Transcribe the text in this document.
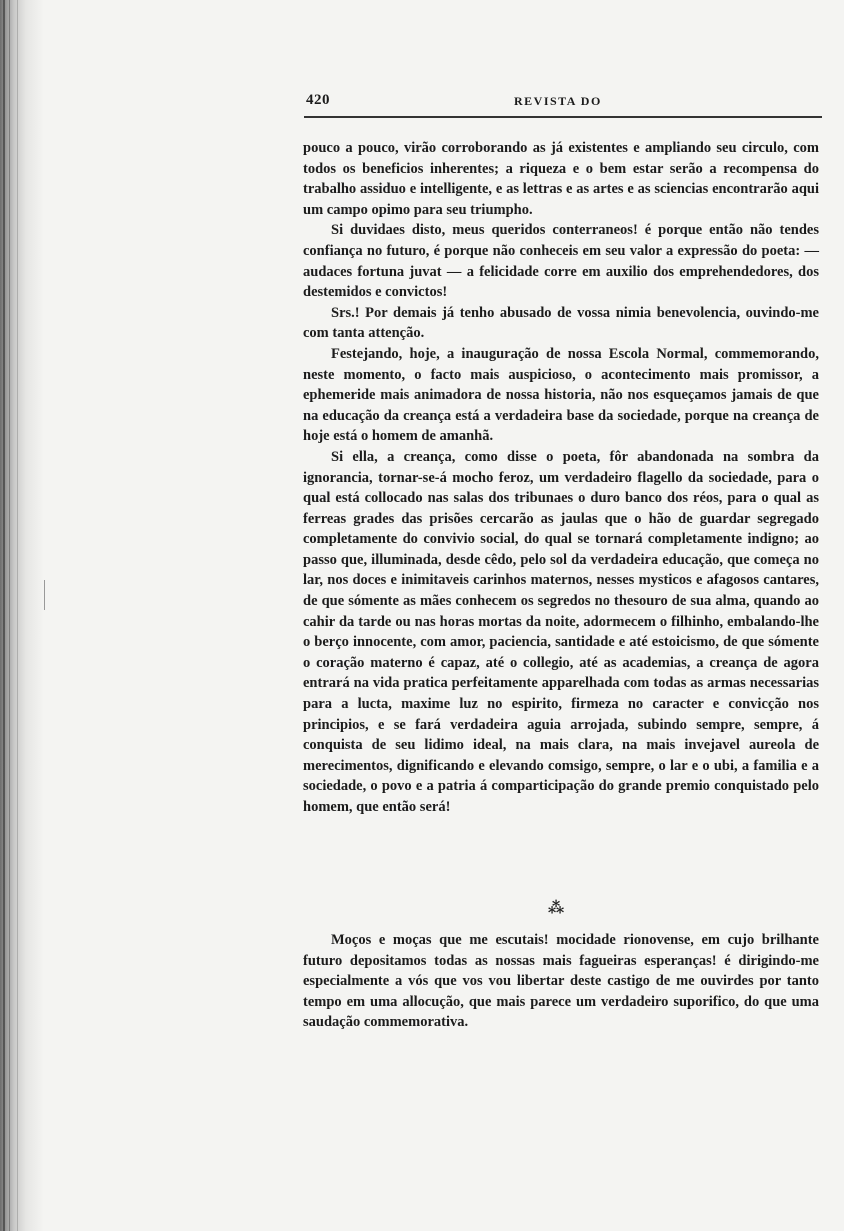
420	REVISTA DO

pouco a pouco, virão corroborando as já existentes e ampliando seu circulo, com todos os beneficios inherentes; a riqueza e o bem estar serão a recompensa do trabalho assiduo e intelligente, e as lettras e as artes e as sciencias encontrarão aqui um campo opimo para seu triumpho.

Si duvidaes disto, meus queridos conterraneos! é porque então não tendes confiança no futuro, é porque não conheceis em seu valor a expressão do poeta: — audaces fortuna juvat — a felicidade corre em auxilio dos emprehendedores, dos destemidos e convictos!

Srs.! Por demais já tenho abusado de vossa nimia benevolencia, ouvindo-me com tanta attenção.

Festejando, hoje, a inauguração de nossa Escola Normal, commemorando, neste momento, o facto mais auspicioso, o acontecimento mais promissor, a ephemeride mais animadora de nossa historia, não nos esqueçamos jamais de que na educação da creança está a verdadeira base da sociedade, porque na creança de hoje está o homem de amanhã.

Si ella, a creança, como disse o poeta, fôr abandonada na sombra da ignorancia, tornar-se-á mocho feroz, um verdadeiro flagello da sociedade, para o qual está collocado nas salas dos tribunaes o duro banco dos réos, para o qual as ferreas grades das prisões cercarão as jaulas que o hão de guardar segregado completamente do convivio social, do qual se tornará completamente indigno; ao passo que, illuminada, desde cêdo, pelo sol da verdadeira educação, que começa no lar, nos doces e inimitaveis carinhos maternos, nesses mysticos e afagosos cantares, de que sómente as mães conhecem os segredos no thesouro de sua alma, quando ao cahir da tarde ou nas horas mortas da noite, adormecem o filhinho, embalando-lhe o berço innocente, com amor, paciencia, santidade e até estoicismo, de que sómente o coração materno é capaz, até o collegio, até as academias, a creança de agora entrará na vida pratica perfeitamente apparelhada com todas as armas necessarias para a lucta, maxime luz no espirito, firmeza no caracter e convicção nos principios, e se fará verdadeira aguia arrojada, subindo sempre, sempre, á conquista de seu lidimo ideal, na mais clara, na mais invejavel aureola de merecimentos, dignificando e elevando comsigo, sempre, o lar e o ubi, a familia e a sociedade, o povo e a patria á comparticipação do grande premio conquistado pelo homem, que então será!

⁂

Moços e moças que me escutais! mocidade rionovense, em cujo brilhante futuro depositamos todas as nossas mais fagueiras esperanças! é dirigindo-me especialmente a vós que vos vou libertar deste castigo de me ouvirdes por tanto tempo em uma allocução, que mais parece um verdadeiro suporifico, do que uma saudação commemorativa.
